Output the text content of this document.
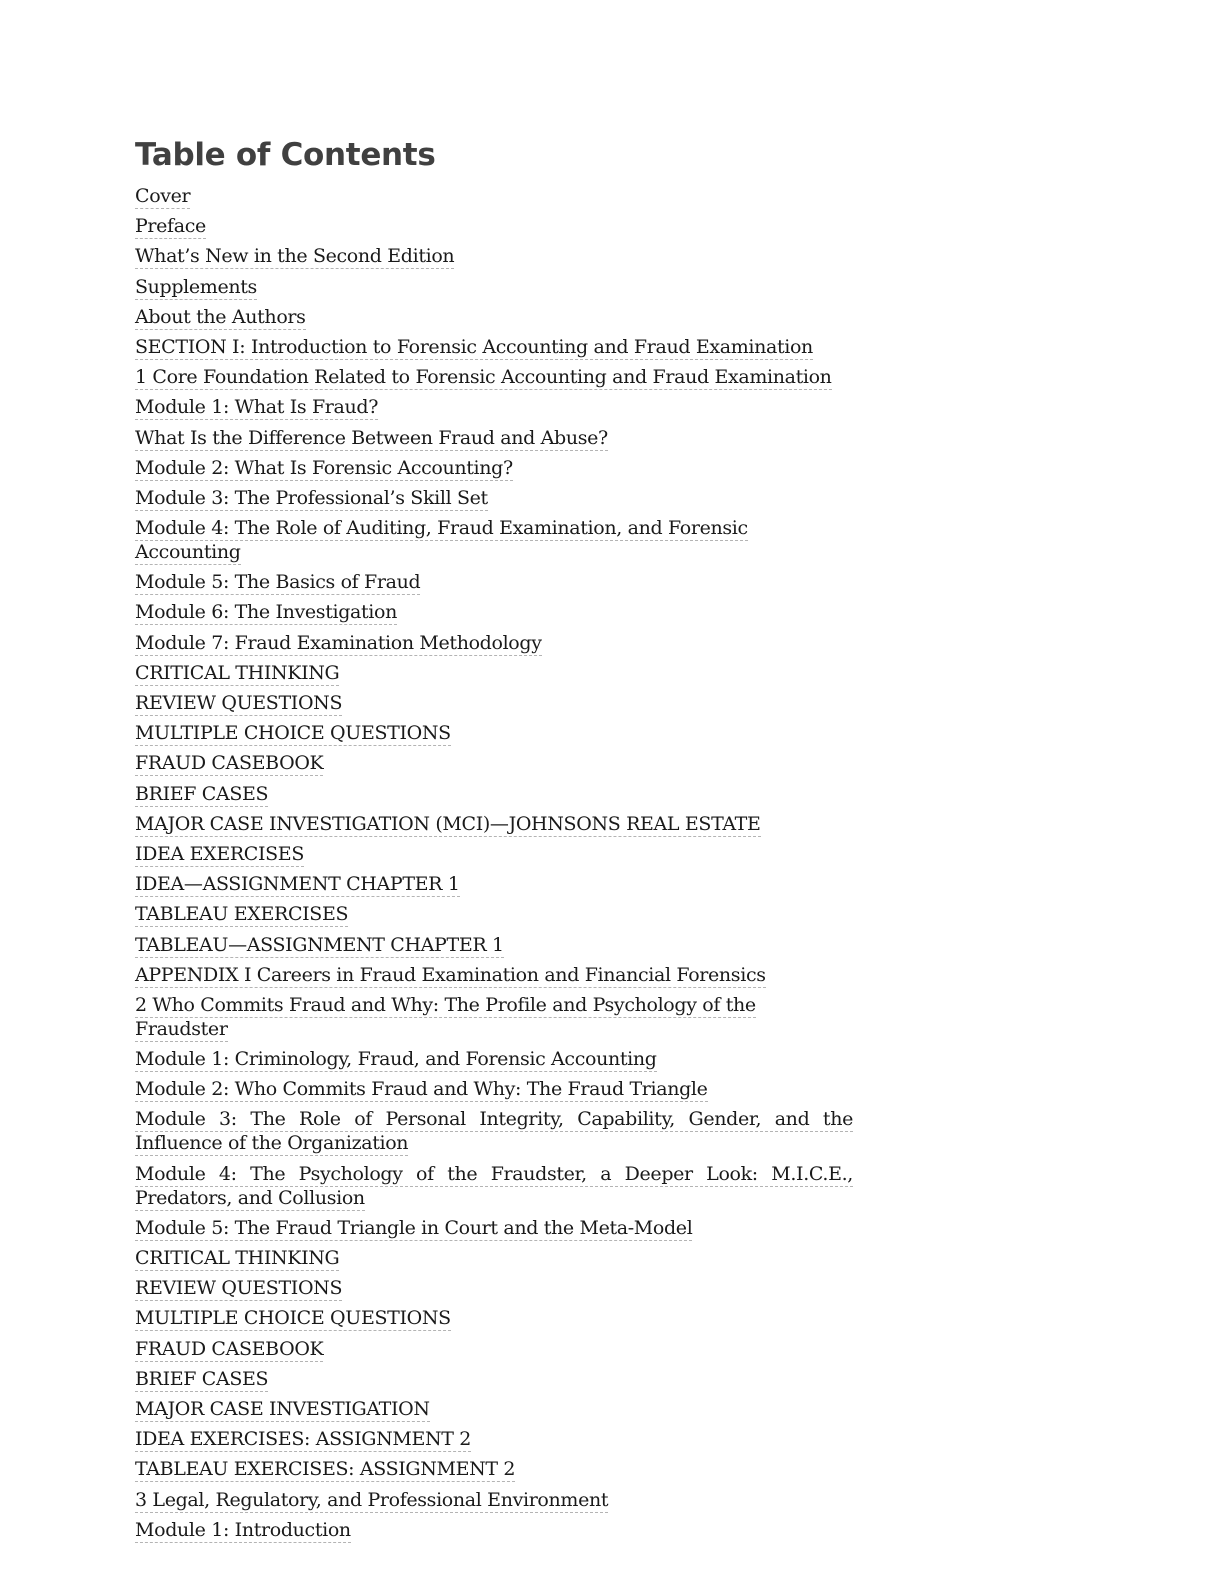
Table of Contents
Cover
Preface
What’s New in the Second Edition
Supplements
About the Authors
SECTION I: Introduction to Forensic Accounting and Fraud Examination
1 Core Foundation Related to Forensic Accounting and Fraud Examination
Module 1: What Is Fraud?
What Is the Difference Between Fraud and Abuse?
Module 2: What Is Forensic Accounting?
Module 3: The Professional’s Skill Set
Module 4: The Role of Auditing, Fraud Examination, and Forensic Accounting
Module 5: The Basics of Fraud
Module 6: The Investigation
Module 7: Fraud Examination Methodology
CRITICAL THINKING
REVIEW QUESTIONS
MULTIPLE CHOICE QUESTIONS
FRAUD CASEBOOK
BRIEF CASES
MAJOR CASE INVESTIGATION (MCI)—JOHNSONS REAL ESTATE
IDEA EXERCISES
IDEA—ASSIGNMENT CHAPTER 1
TABLEAU EXERCISES
TABLEAU—ASSIGNMENT CHAPTER 1
APPENDIX I Careers in Fraud Examination and Financial Forensics
2 Who Commits Fraud and Why: The Profile and Psychology of the Fraudster
Module 1: Criminology, Fraud, and Forensic Accounting
Module 2: Who Commits Fraud and Why: The Fraud Triangle
Module 3: The Role of Personal Integrity, Capability, Gender, and the Influence of the Organization
Module 4: The Psychology of the Fraudster, a Deeper Look: M.I.C.E., Predators, and Collusion
Module 5: The Fraud Triangle in Court and the Meta-Model
CRITICAL THINKING
REVIEW QUESTIONS
MULTIPLE CHOICE QUESTIONS
FRAUD CASEBOOK
BRIEF CASES
MAJOR CASE INVESTIGATION
IDEA EXERCISES: ASSIGNMENT 2
TABLEAU EXERCISES: ASSIGNMENT 2
3 Legal, Regulatory, and Professional Environment
Module 1: Introduction
